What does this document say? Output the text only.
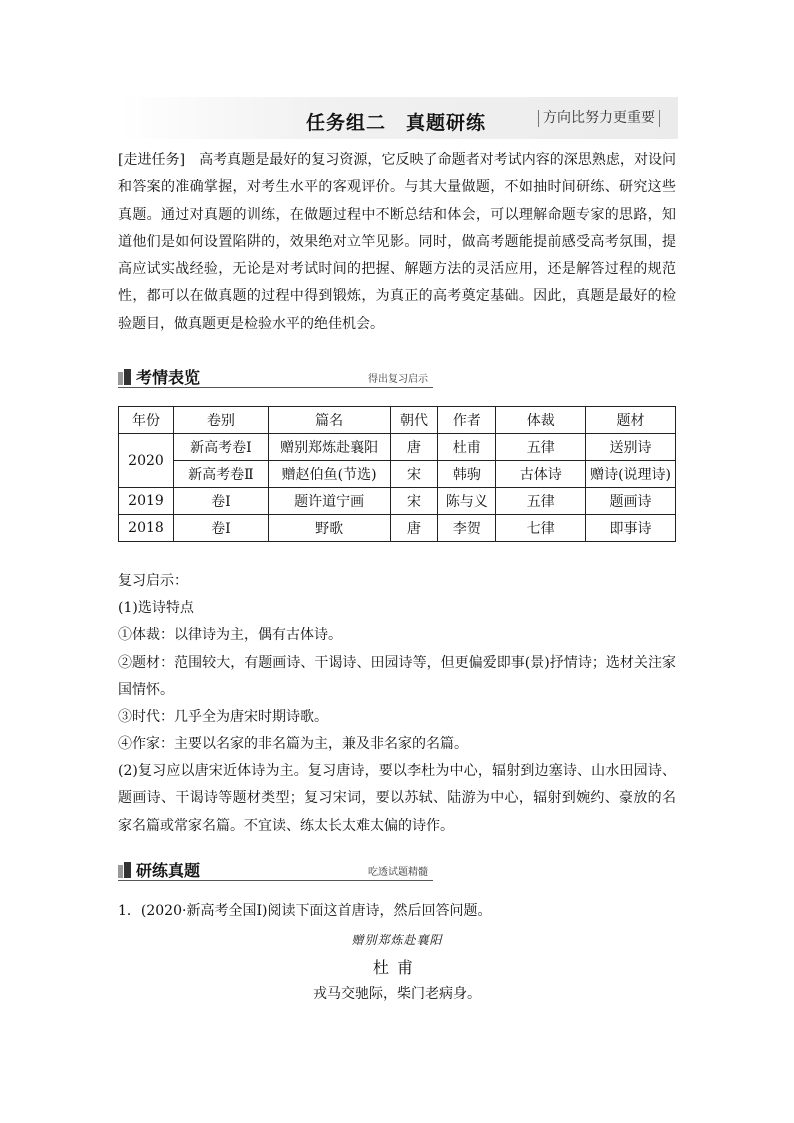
任务组二　真题研练	方向比努力更重要
[走进任务]　高考真题是最好的复习资源，它反映了命题者对考试内容的深思熟虑，对设问和答案的准确掌握，对考生水平的客观评价。与其大量做题，不如抽时间研练、研究这些真题。通过对真题的训练，在做题过程中不断总结和体会，可以理解命题专家的思路，知道他们是如何设置陷阱的，效果绝对立竿见影。同时，做高考题能提前感受高考氛围，提高应试实战经验，无论是对考试时间的把握、解题方法的灵活应用，还是解答过程的规范性，都可以在做真题的过程中得到锻炼，为真正的高考奠定基础。因此，真题是最好的检验题目，做真题更是检验水平的绝佳机会。
考情表览	得出复习启示
年份	卷别	篇名	朝代	作者	体裁	题材
2020	新高考卷Ⅰ	赠别郑炼赴襄阳	唐	杜甫	五律	送别诗
	新高考卷Ⅱ	赠赵伯鱼(节选)	宋	韩驹	古体诗	赠诗(说理诗)
2019	卷Ⅰ	题许道宁画	宋	陈与义	五律	题画诗
2018	卷Ⅰ	野歌	唐	李贺	七律	即事诗
复习启示：
(1)选诗特点
①体裁：以律诗为主，偶有古体诗。
②题材：范围较大，有题画诗、干谒诗、田园诗等，但更偏爱即事(景)抒情诗；选材关注家国情怀。
③时代：几乎全为唐宋时期诗歌。
④作家：主要以名家的非名篇为主，兼及非名家的名篇。
(2)复习应以唐宋近体诗为主。复习唐诗，要以李杜为中心，辐射到边塞诗、山水田园诗、题画诗、干谒诗等题材类型；复习宋词，要以苏轼、陆游为中心，辐射到婉约、豪放的名家名篇或常家名篇。不宜读、练太长太难太偏的诗作。
研练真题	吃透试题精髓
1．(2020·新高考全国Ⅰ)阅读下面这首唐诗，然后回答问题。
赠别郑炼赴襄阳
杜甫
戎马交驰际，柴门老病身。
